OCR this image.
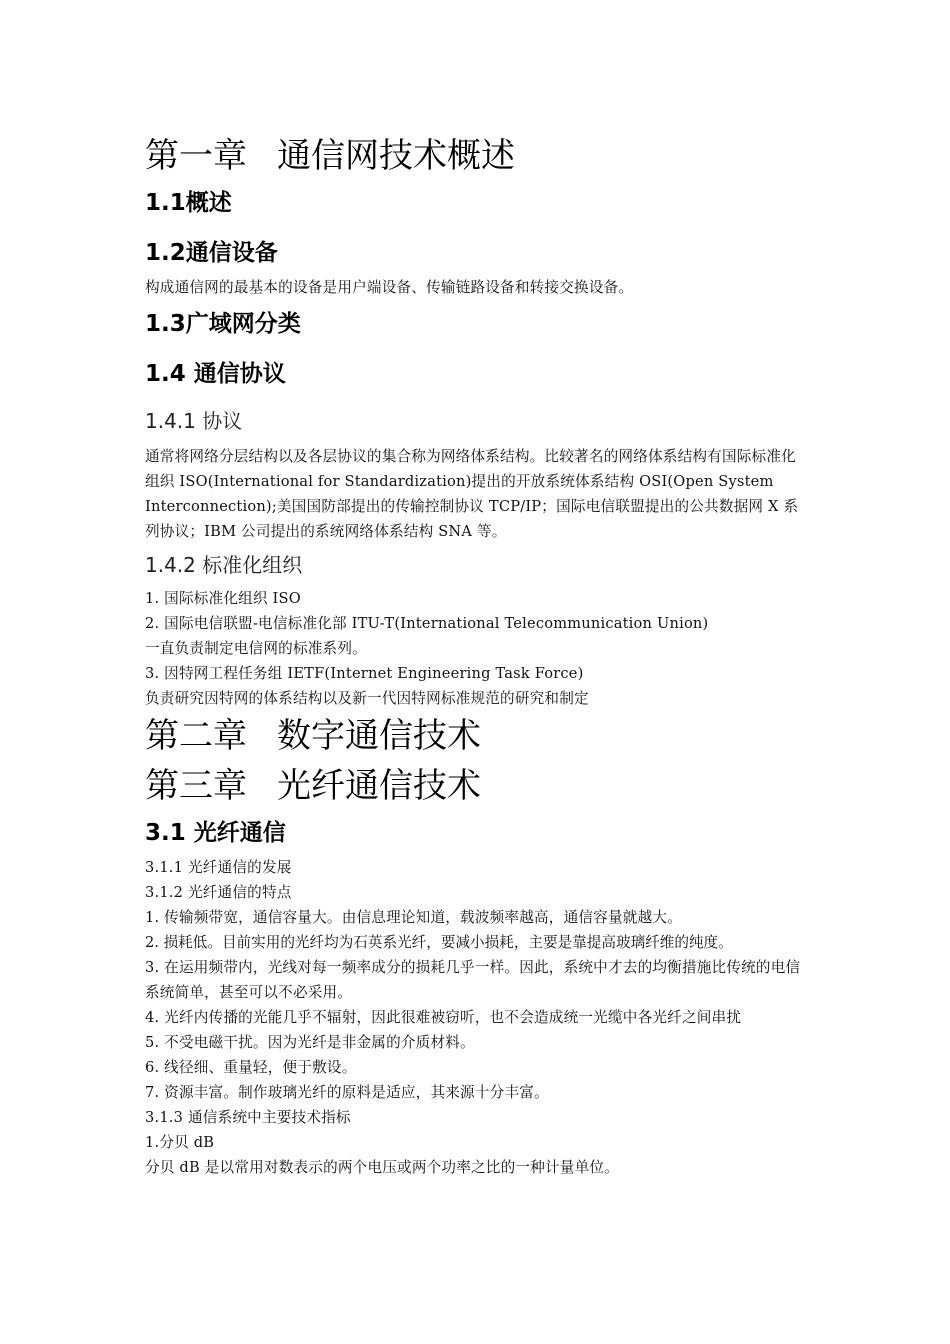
第一章 通信网技术概述
1.1概述
1.2通信设备

构成通信网的最基本的设备是用户端设备、传输链路设备和转接交换设备。

1.3广域网分类
1.4 通信协议
1.4.1 协议

通常将网络分层结构以及各层协议的集合称为网络体系结构。比较著名的网络体系结构有国际标准化组织 ISO(International for Standardization)提出的开放系统体系结构 OSI(Open System Interconnection);美国国防部提出的传输控制协议 TCP/IP；国际电信联盟提出的公共数据网 X 系列协议；IBM 公司提出的系统网络体系结构 SNA 等。

1.4.2 标准化组织

1. 国际标准化组织 ISO

2. 国际电信联盟-电信标准化部 ITU-T(International Telecommunication Union)

一直负责制定电信网的标准系列。

3. 因特网工程任务组 IETF(Internet Engineering Task Force)

负责研究因特网的体系结构以及新一代因特网标准规范的研究和制定

第二章 数字通信技术
第三章 光纤通信技术
3.1 光纤通信

3.1.1 光纤通信的发展

3.1.2 光纤通信的特点

1. 传输频带宽，通信容量大。由信息理论知道，载波频率越高，通信容量就越大。

2. 损耗低。目前实用的光纤均为石英系光纤，要减小损耗，主要是靠提高玻璃纤维的纯度。

3. 在运用频带内，光线对每一频率成分的损耗几乎一样。因此，系统中才去的均衡措施比传统的电信系统简单，甚至可以不必采用。

4. 光纤内传播的光能几乎不辐射，因此很难被窃听，也不会造成统一光缆中各光纤之间串扰

5. 不受电磁干扰。因为光纤是非金属的介质材料。

6. 线径细、重量轻，便于敷设。

7. 资源丰富。制作玻璃光纤的原料是适应，其来源十分丰富。

3.1.3 通信系统中主要技术指标

1.分贝 dB

分贝 dB 是以常用对数表示的两个电压或两个功率之比的一种计量单位。
